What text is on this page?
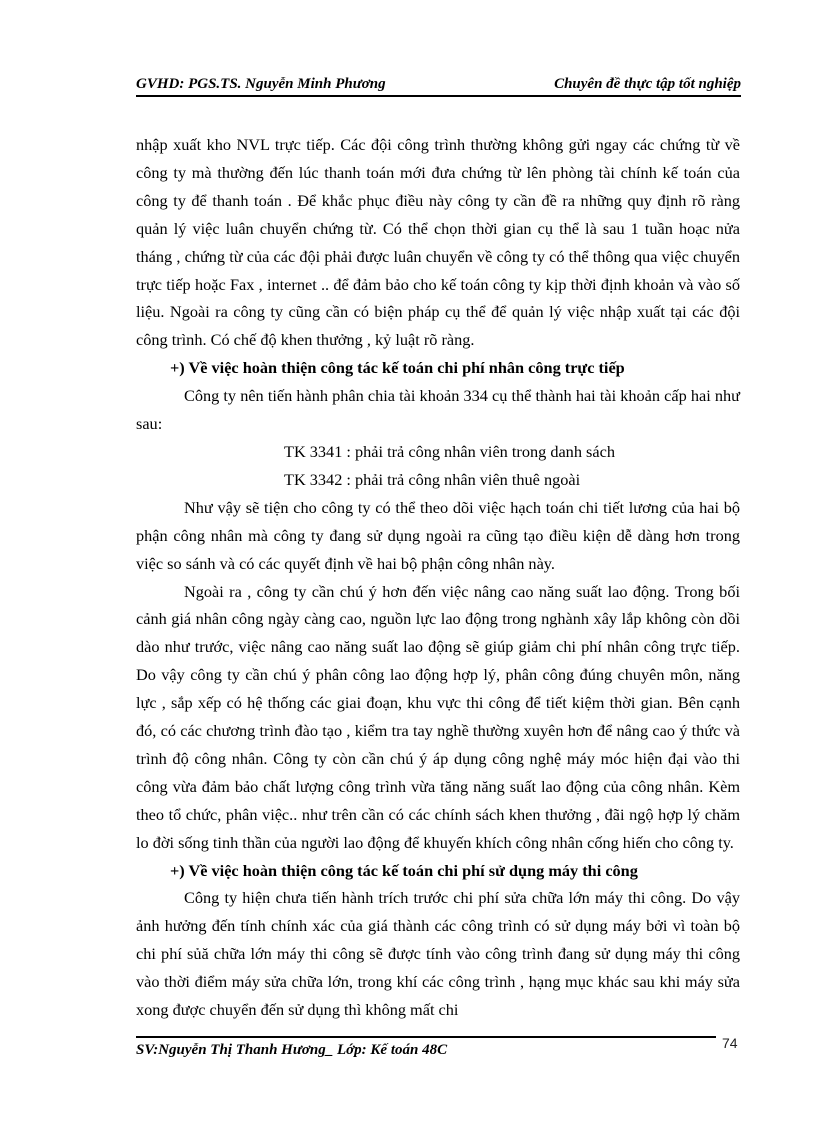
GVHD: PGS.TS. Nguyễn Minh Phương	Chuyên đề thực tập tốt nghiệp

nhập xuất kho NVL trực tiếp. Các đội công trình thường không gửi ngay các chứng từ về công ty mà thường đến lúc thanh toán mới đưa chứng từ lên phòng tài chính kế toán của công ty để thanh toán . Để khắc phục điều này công ty cần đề ra những quy định rõ ràng quản lý việc luân chuyển chứng từ. Có thể chọn thời gian cụ thể là sau 1 tuần hoạc nửa tháng , chứng từ của các đội phải được luân chuyển về công ty có thể thông qua việc chuyển trực tiếp hoặc Fax , internet .. để đảm bảo cho kế toán công ty kịp thời định khoản và vào số liệu. Ngoài ra công ty cũng cần có biện pháp cụ thể để quản lý việc nhập xuất tại các đội công trình. Có chế độ khen thưởng , kỷ luật rõ ràng.

+) Về việc hoàn thiện công tác kế toán chi phí nhân công trực tiếp

Công ty nên tiến hành phân chia tài khoản 334 cụ thể thành hai tài khoản cấp hai như sau:

TK 3341 : phải trả công nhân viên trong danh sách

TK 3342 : phải trả công nhân viên thuê ngoài

Như vậy sẽ tiện cho công ty có thể theo dõi việc hạch toán chi tiết lương của hai bộ phận công nhân mà công ty đang sử dụng ngoài ra cũng tạo điều kiện dễ dàng hơn trong việc so sánh và có các quyết định về hai bộ phận công nhân này.

Ngoài ra , công ty cần chú ý hơn đến việc nâng cao năng suất lao động. Trong bối cảnh giá nhân công ngày càng cao, nguồn lực lao động trong nghành xây lắp không còn dồi dào như trước, việc nâng cao năng suất lao động sẽ giúp giảm chi phí nhân công trực tiếp. Do vậy công ty cần chú ý phân công lao động hợp lý, phân công đúng chuyên môn, năng lực , sắp xếp có hệ thống các giai đoạn, khu vực thi công để tiết kiệm thời gian. Bên cạnh đó, có các chương trình đào tạo , kiểm tra tay nghề thường xuyên hơn để nâng cao ý thức và trình độ công nhân. Công ty còn cần chú ý áp dụng công nghệ máy móc hiện đại vào thi công vừa đảm bảo chất lượng công trình vừa tăng năng suất lao động của công nhân. Kèm theo tổ chức, phân việc.. như trên cần có các chính sách khen thưởng , đãi ngộ hợp lý chăm lo đời sống tinh thần của người lao động để khuyến khích công nhân cống hiến cho công ty.

+) Về việc hoàn thiện công tác kế toán chi phí sử dụng máy thi công

Công ty hiện chưa tiến hành trích trước chi phí sửa chữa lớn máy thi công. Do vậy ảnh hưởng đến tính chính xác của giá thành các công trình có sử dụng máy bởi vì toàn bộ chi phí sủă chữa lớn máy thi công sẽ được tính vào công trình đang sử dụng máy thi công vào thời điểm máy sửa chữa lớn, trong khí các công trình , hạng mục khác sau khi máy sửa xong được chuyển đến sử dụng thì không mất chi

SV:Nguyễn Thị Thanh Hương_ Lớp: Kế toán 48C	74
